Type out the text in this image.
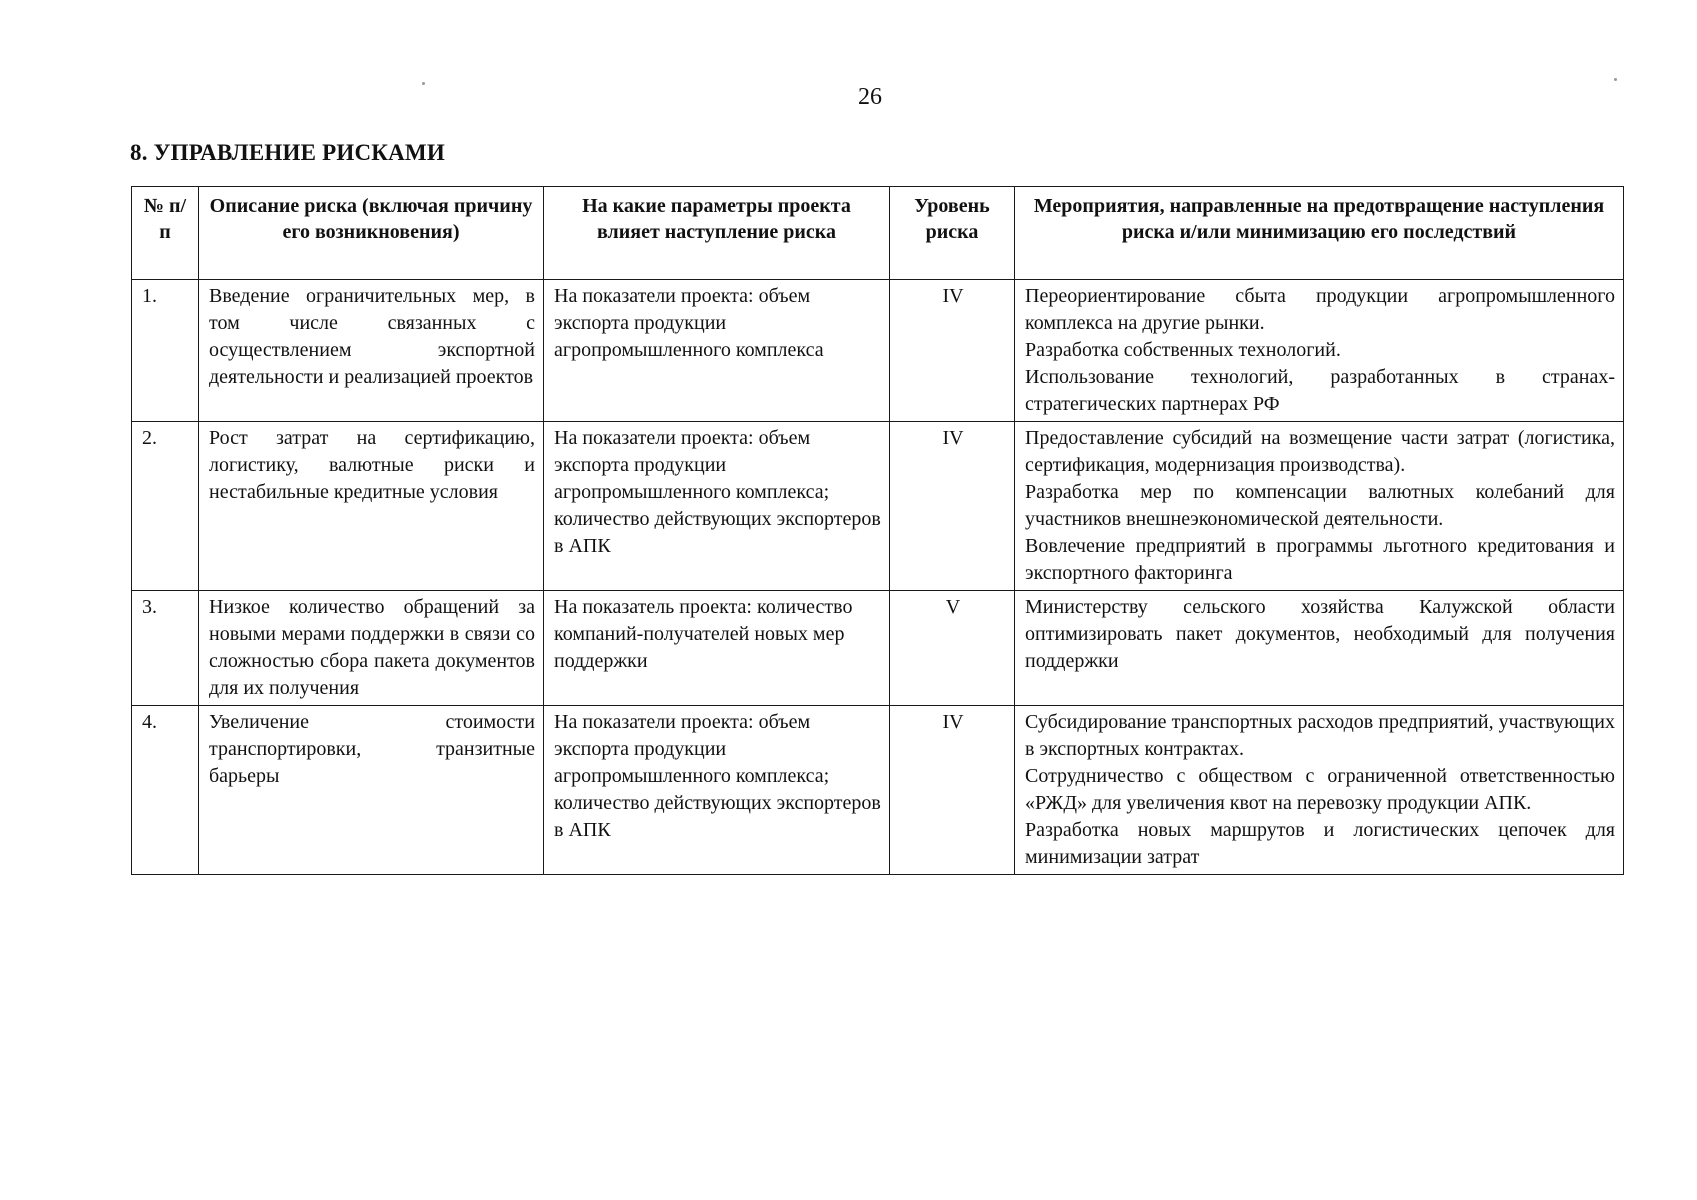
26
8. УПРАВЛЕНИЕ РИСКАМИ
№ п/п	Описание риска (включая причину его возникновения)	На какие параметры проекта влияет наступление риска	Уровень риска	Мероприятия, направленные на предотвращение наступления риска и/или минимизацию его последствий
1.	Введение ограничительных мер, в том числе связанных с осуществлением экспортной деятельности и реализацией проектов	На показатели проекта: объем экспорта продукции агропромышленного комплекса	IV	Переориентирование сбыта продукции агропромышленного комплекса на другие рынки.

Разработка собственных технологий.

Использование технологий, разработанных в странах-стратегических партнерах РФ

2.	Рост затрат на сертификацию, логистику, валютные риски и нестабильные кредитные условия	На показатели проекта: объем экспорта продукции агропромышленного комплекса; количество действующих экспортеров в АПК	IV	Предоставление субсидий на возмещение части затрат (логистика, сертификация, модернизация производства).

Разработка мер по компенсации валютных колебаний для участников внешнеэкономической деятельности.

Вовлечение предприятий в программы льготного кредитования и экспортного факторинга

3.	Низкое количество обращений за новыми мерами поддержки в связи со сложностью сбора пакета документов для их получения	На показатель проекта: количество компаний-получателей новых мер поддержки	V	Министерству сельского хозяйства Калужской области оптимизировать пакет документов, необходимый для получения поддержки

4.	Увеличение стоимости транспортировки, транзитные барьеры	На показатели проекта: объем экспорта продукции агропромышленного комплекса; количество действующих экспортеров в АПК	IV	Субсидирование транспортных расходов предприятий, участвующих в экспортных контрактах.

Сотрудничество с обществом с ограниченной ответственностью «РЖД» для увеличения квот на перевозку продукции АПК.

Разработка новых маршрутов и логистических цепочек для минимизации затрат
